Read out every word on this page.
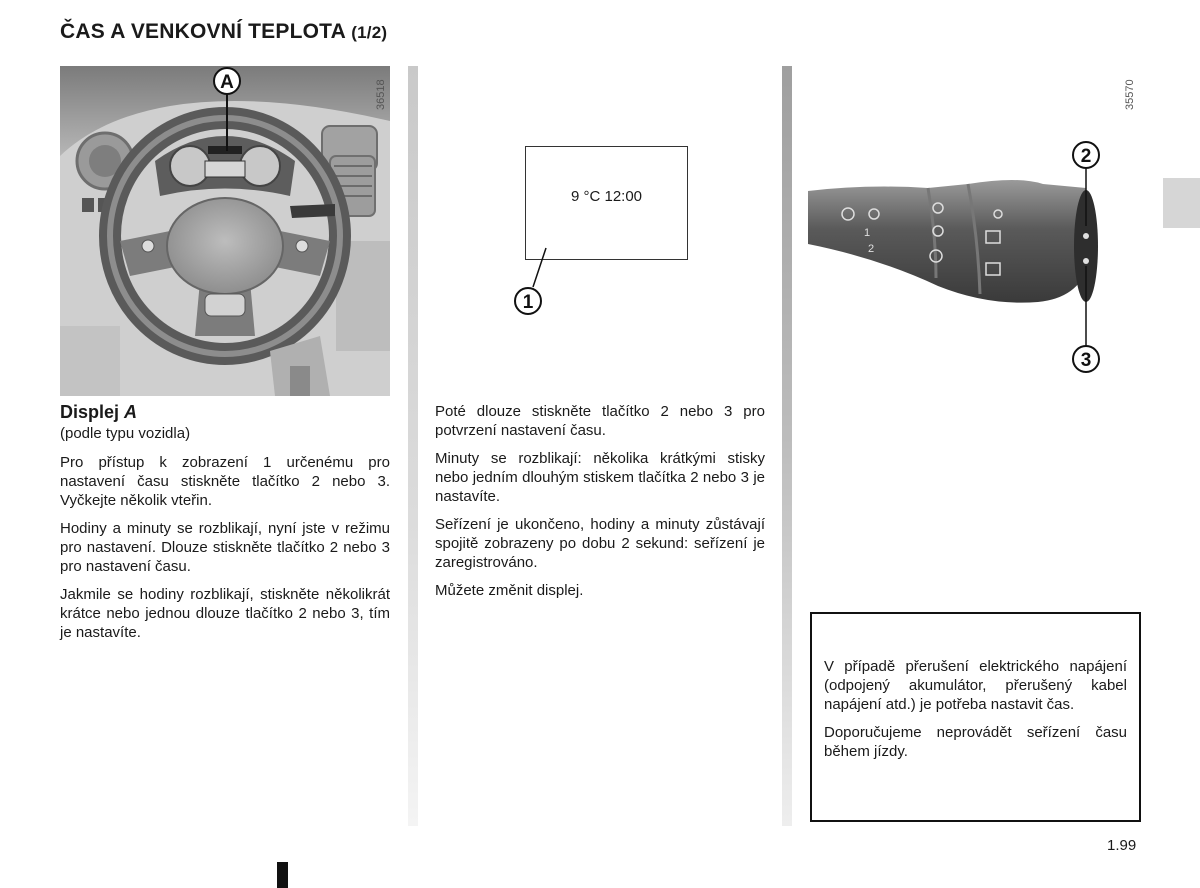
ČAS A VENKOVNÍ TEPLOTA (1/2)
A	36518
9 °C 12:00
1
1
2
2
3
35570
Displej A
(podle typu vozidla)

Pro přístup k zobrazení 1 určenému pro nastavení času stiskněte tlačítko 2 nebo 3. Vyčkejte několik vteřin.

Hodiny a minuty se rozblikají, nyní jste v režimu pro nastavení. Dlouze stiskněte tlačítko 2 nebo 3 pro nastavení času.

Jakmile se hodiny rozblikají, stiskněte několikrát krátce nebo jednou dlouze tlačítko 2 nebo 3, tím je nastavíte.

Poté dlouze stiskněte tlačítko 2 nebo 3 pro potvrzení nastavení času.

Minuty se rozblikají: několika krátkými stisky nebo jedním dlouhým stiskem tlačítka 2 nebo 3 je nastavíte.

Seřízení je ukončeno, hodiny a minuty zůstávají spojitě zobrazeny po dobu 2 sekund: seřízení je zaregistrováno.

Můžete změnit displej.

V případě přerušení elektrického napájení (odpojený akumulátor, přerušený kabel napájení atd.) je potřeba nastavit čas.

Doporučujeme neprovádět seřízení času během jízdy.

1.99
